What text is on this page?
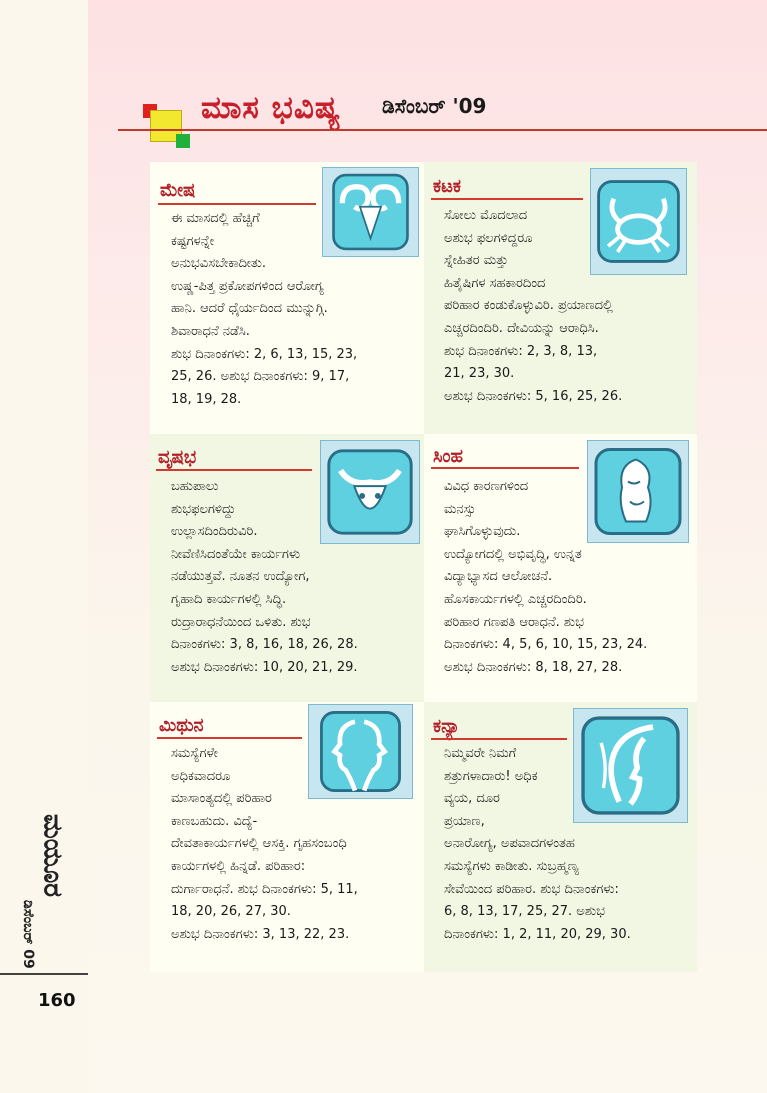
ಮಾಸ ಭವಿಷ್ಯ ಡಿಸೆಂಬರ್ '09
ಮೇಷ
ಈ ಮಾಸದಲ್ಲಿ ಹೆಚ್ಚಿಗೆ
ಕಷ್ಟಗಳನ್ನೇ
ಅನುಭವಿಸಬೇಕಾದೀತು.
ಉಷ್ಣ-ಪಿತ್ತ ಪ್ರಕೋಪಗಳಿಂದ ಆರೋಗ್ಯ
ಹಾನಿ. ಆದರೆ ಧೈರ್ಯದಿಂದ ಮುನ್ನುಗ್ಗಿ.
ಶಿವಾರಾಧನೆ ನಡೆಸಿ.
ಶುಭ ದಿನಾಂಕಗಳು: 2, 6, 13, 15, 23,
25, 26. ಅಶುಭ ದಿನಾಂಕಗಳು: 9, 17,
18, 19, 28.
ಕಟಕ
ಸೋಲು ಮೊದಲಾದ
ಅಶುಭ ಫಲಗಳಿದ್ದರೂ
ಸ್ನೇಹಿತರ ಮತ್ತು
ಹಿತೈಷಿಗಳ ಸಹಕಾರದಿಂದ
ಪರಿಹಾರ ಕಂಡುಕೊಳ್ಳುವಿರಿ. ಪ್ರಯಾಣದಲ್ಲಿ
ಎಚ್ಚರದಿಂದಿರಿ. ದೇವಿಯನ್ನು ಆರಾಧಿಸಿ.
ಶುಭ ದಿನಾಂಕಗಳು: 2, 3, 8, 13,
21, 23, 30.
ಅಶುಭ ದಿನಾಂಕಗಳು: 5, 16, 25, 26.
ವೃಷಭ
ಬಹುಪಾಲು
ಶುಭಫಲಗಳಿದ್ದು
ಉಲ್ಲಾಸದಿಂದಿರುವಿರಿ.
ನೀವೆಣಿಸಿದಂತೆಯೇ ಕಾರ್ಯಗಳು
ನಡೆಯುತ್ತವೆ. ನೂತನ ಉದ್ಯೋಗ,
ಗೃಹಾದಿ ಕಾರ್ಯಗಳಲ್ಲಿ ಸಿದ್ಧಿ.
ರುದ್ರಾರಾಧನೆಯಿಂದ ಒಳಿತು. ಶುಭ
ದಿನಾಂಕಗಳು: 3, 8, 16, 18, 26, 28.
ಅಶುಭ ದಿನಾಂಕಗಳು: 10, 20, 21, 29.
ಸಿಂಹ
ವಿವಿಧ ಕಾರಣಗಳಿಂದ
ಮನಸ್ಸು
ಘಾಸಿಗೊಳ್ಳುವುದು.
ಉದ್ಯೋಗದಲ್ಲಿ ಅಭಿವೃದ್ಧಿ, ಉನ್ನತ
ವಿದ್ಯಾಭ್ಯಾಸದ ಆಲೋಚನೆ.
ಹೊಸಕಾರ್ಯಗಳಲ್ಲಿ ಎಚ್ಚರದಿಂದಿರಿ.
ಪರಿಹಾರ ಗಣಪತಿ ಆರಾಧನೆ. ಶುಭ
ದಿನಾಂಕಗಳು: 4, 5, 6, 10, 15, 23, 24.
ಅಶುಭ ದಿನಾಂಕಗಳು: 8, 18, 27, 28.
ಮಿಥುನ
ಸಮಸ್ಯೆಗಳೇ
ಅಧಿಕವಾದರೂ
ಮಾಸಾಂತ್ಯದಲ್ಲಿ ಪರಿಹಾರ
ಕಾಣಬಹುದು. ವಿದ್ಯೆ-
ದೇವತಾಕಾರ್ಯಗಳಲ್ಲಿ ಆಸಕ್ತಿ. ಗೃಹಸಂಬಂಧಿ
ಕಾರ್ಯಗಳಲ್ಲಿ ಹಿನ್ನಡೆ. ಪರಿಹಾರ:
ದುರ್ಗಾರಾಧನೆ. ಶುಭ ದಿನಾಂಕಗಳು: 5, 11,
18, 20, 26, 27, 30.
ಅಶುಭ ದಿನಾಂಕಗಳು: 3, 13, 22, 23.
ಕನ್ಯಾ
ನಿಮ್ಮವರೇ ನಿಮಗೆ
ಶತ್ರುಗಳಾದಾರು! ಅಧಿಕ
ವ್ಯಯ, ದೂರ
ಪ್ರಯಾಣ,
ಅನಾರೋಗ್ಯ, ಅಪವಾದಗಳಂತಹ
ಸಮಸ್ಯೆಗಳು ಕಾಡೀತು. ಸುಬ್ರಹ್ಮಣ್ಯ
ಸೇವೆಯಿಂದ ಪರಿಹಾರ. ಶುಭ ದಿನಾಂಕಗಳು:
6, 8, 13, 17, 25, 27. ಅಶುಭ
ದಿನಾಂಕಗಳು: 1, 2, 11, 20, 29, 30.
ಮಯೂರ
ಡಿಸೆಂಬರ್ 09
160
